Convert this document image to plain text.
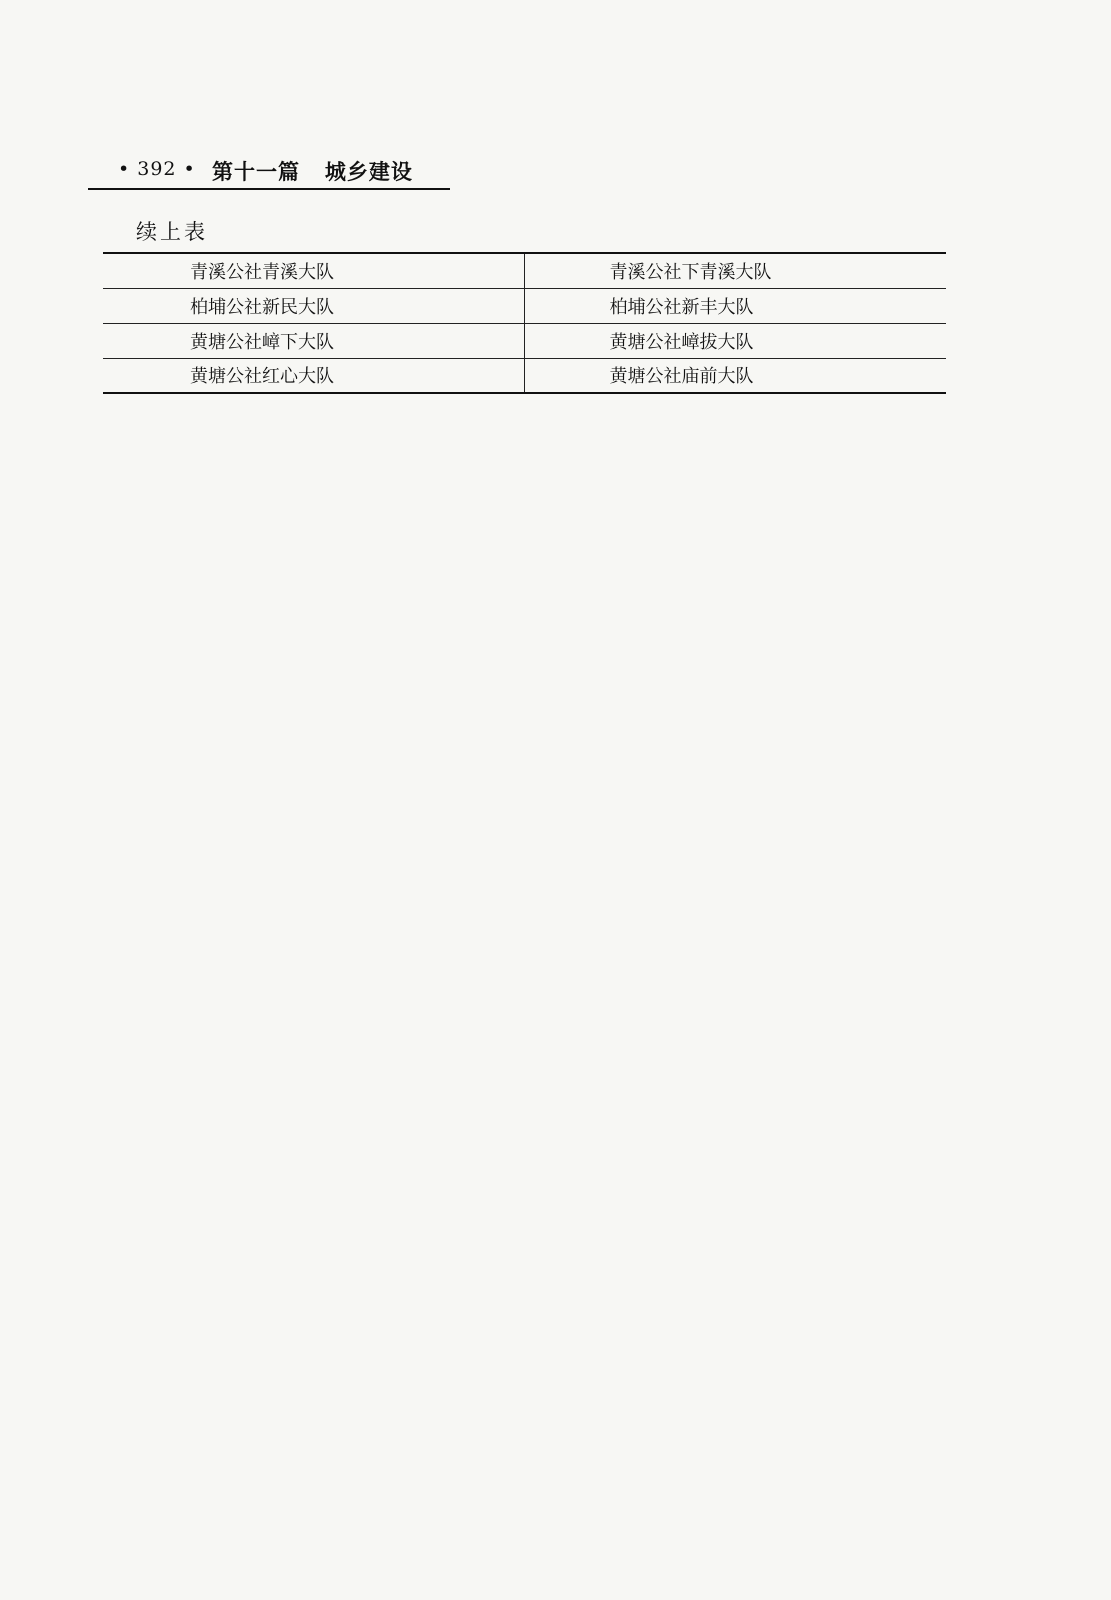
• 392 • 第十一篇   城乡建设
续上表
青溪公社青溪大队	青溪公社下青溪大队
柏埔公社新民大队	柏埔公社新丰大队
黄塘公社嶂下大队	黄塘公社嶂拔大队
黄塘公社红心大队	黄塘公社庙前大队
